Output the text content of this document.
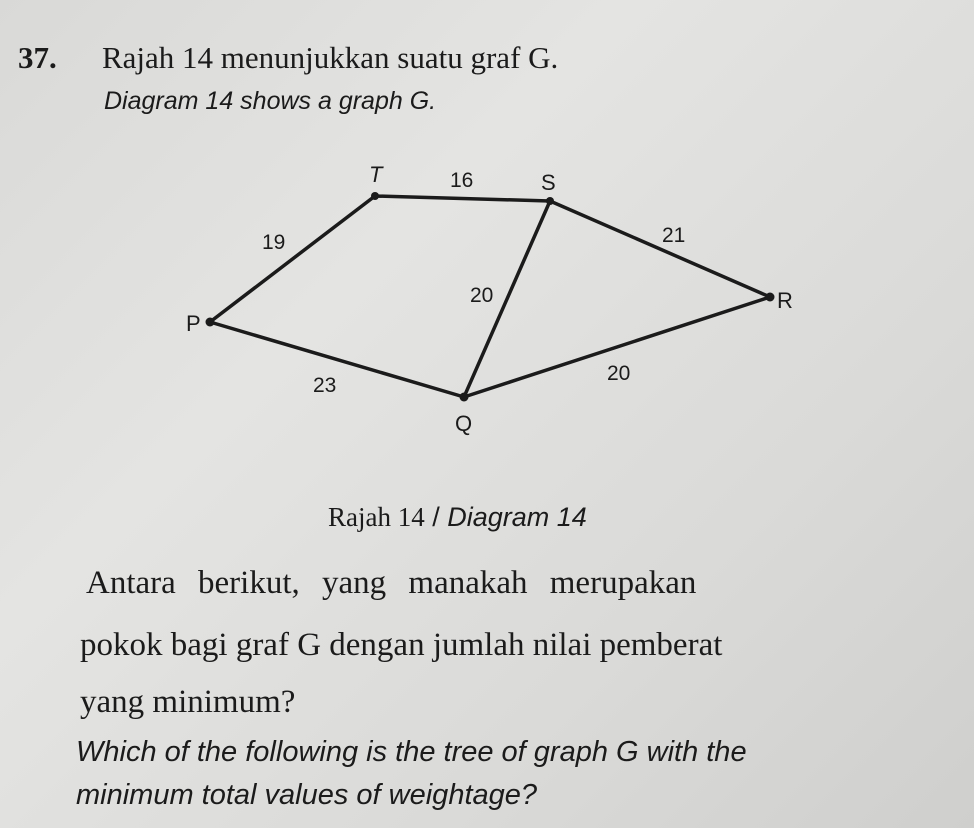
37. Rajah 14 menunjukkan suatu graf G.
Diagram 14 shows a graph G.
T	S
P
R
Q
16
19	21
20
23
20
Rajah 14 / Diagram 14
Antara berikut, yang manakah merupakan
pokok bagi graf G dengan jumlah nilai pemberat
yang minimum?
Which of the following is the tree of graph G with the
minimum total values of weightage?
